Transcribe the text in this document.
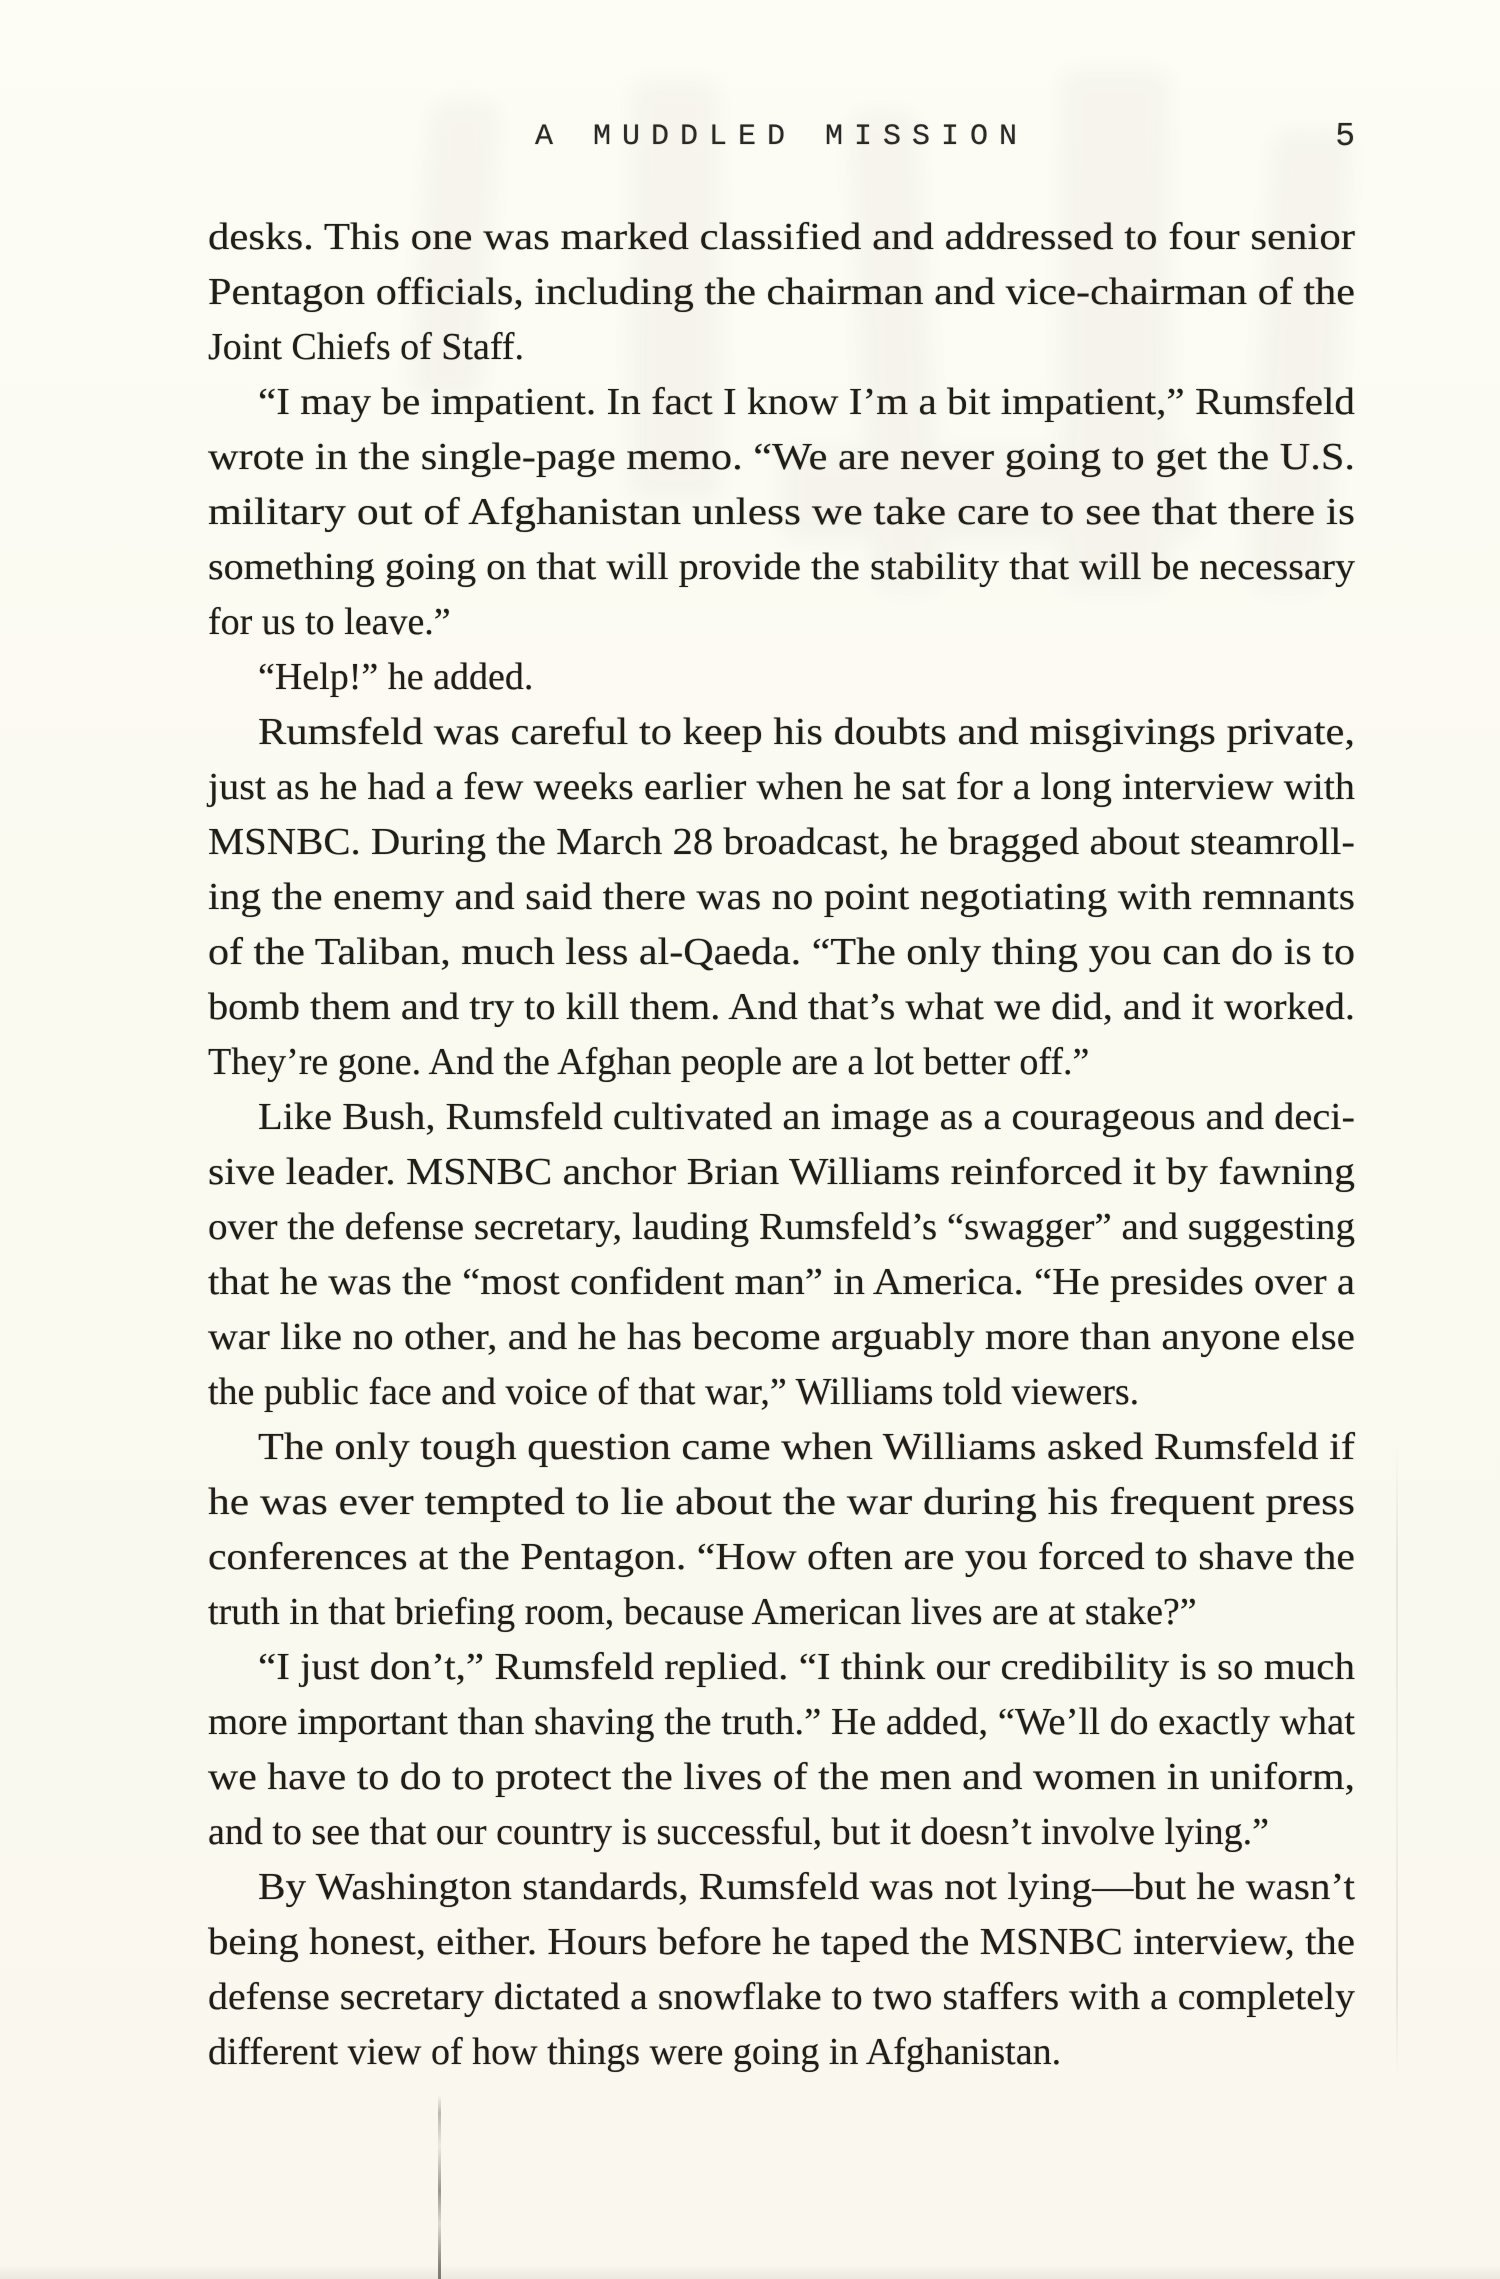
A MUDDLED MISSION	5
desks. This one was marked classified and addressed to four senior
Pentagon officials, including the chairman and vice-chairman of the
Joint Chiefs of Staff.
“I may be impatient. In fact I know I’m a bit impatient,” Rumsfeld
wrote in the single-page memo. “We are never going to get the U.S.
military out of Afghanistan unless we take care to see that there is
something going on that will provide the stability that will be necessary
for us to leave.”
“Help!” he added.
Rumsfeld was careful to keep his doubts and misgivings private,
just as he had a few weeks earlier when he sat for a long interview with
MSNBC. During the March 28 broadcast, he bragged about steamroll-
ing the enemy and said there was no point negotiating with remnants
of the Taliban, much less al-Qaeda. “The only thing you can do is to
bomb them and try to kill them. And that’s what we did, and it worked.
They’re gone. And the Afghan people are a lot better off.”
Like Bush, Rumsfeld cultivated an image as a courageous and deci-
sive leader. MSNBC anchor Brian Williams reinforced it by fawning
over the defense secretary, lauding Rumsfeld’s “swagger” and suggesting
that he was the “most confident man” in America. “He presides over a
war like no other, and he has become arguably more than anyone else
the public face and voice of that war,” Williams told viewers.
The only tough question came when Williams asked Rumsfeld if
he was ever tempted to lie about the war during his frequent press
conferences at the Pentagon. “How often are you forced to shave the
truth in that briefing room, because American lives are at stake?”
“I just don’t,” Rumsfeld replied. “I think our credibility is so much
more important than shaving the truth.” He added, “We’ll do exactly what
we have to do to protect the lives of the men and women in uniform,
and to see that our country is successful, but it doesn’t involve lying.”
By Washington standards, Rumsfeld was not lying—but he wasn’t
being honest, either. Hours before he taped the MSNBC interview, the
defense secretary dictated a snowflake to two staffers with a completely
different view of how things were going in Afghanistan.
